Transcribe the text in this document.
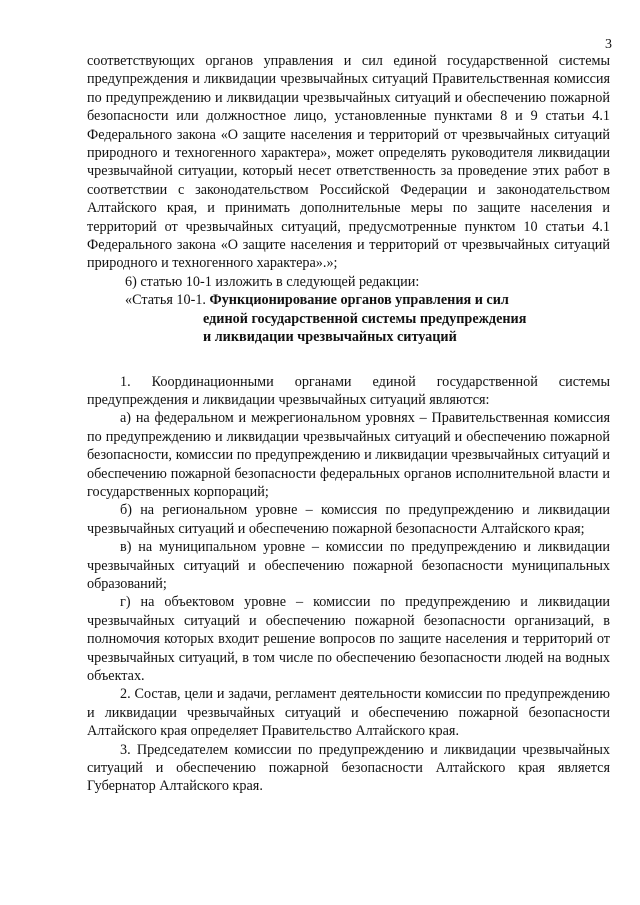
3

соответствующих органов управления и сил единой государственной системы предупреждения и ликвидации чрезвычайных ситуаций Правительственная комиссия по предупреждению и ликвидации чрезвычайных ситуаций и обеспечению пожарной безопасности или должностное лицо, установленные пунктами 8 и 9 статьи 4.1 Федерального закона «О защите населения и территорий от чрезвычайных ситуаций природного и техногенного характера», может определять руководителя ликвидации чрезвычайной ситуации, который несет ответственность за проведение этих работ в соответствии с законодательством Российской Федерации и законодательством Алтайского края, и принимать дополнительные меры по защите населения и территорий от чрезвычайных ситуаций, предусмотренные пунктом 10 статьи 4.1 Федерального закона «О защите населения и территорий от чрезвычайных ситуаций природного и техногенного характера».»;

6) статью 10-1 изложить в следующей редакции:

«Статья 10-1. Функционирование органов управления и сил

единой государственной системы предупреждения

и ликвидации чрезвычайных ситуаций

1. Координационными органами единой государственной системы предупреждения и ликвидации чрезвычайных ситуаций являются:

а) на федеральном и межрегиональном уровнях – Правительственная комиссия по предупреждению и ликвидации чрезвычайных ситуаций и обеспечению пожарной безопасности, комиссии по предупреждению и ликвидации чрезвычайных ситуаций и обеспечению пожарной безопасности федеральных органов исполнительной власти и государственных корпораций;

б) на региональном уровне – комиссия по предупреждению и ликвидации чрезвычайных ситуаций и обеспечению пожарной безопасности Алтайского края;

в) на муниципальном уровне – комиссии по предупреждению и ликвидации чрезвычайных ситуаций и обеспечению пожарной безопасности муниципальных образований;

г) на объектовом уровне – комиссии по предупреждению и ликвидации чрезвычайных ситуаций и обеспечению пожарной безопасности организаций, в полномочия которых входит решение вопросов по защите населения и территорий от чрезвычайных ситуаций, в том числе по обеспечению безопасности людей на водных объектах.

2. Состав, цели и задачи, регламент деятельности комиссии по предупреждению и ликвидации чрезвычайных ситуаций и обеспечению пожарной безопасности Алтайского края определяет Правительство Алтайского края.

3. Председателем комиссии по предупреждению и ликвидации чрезвычайных ситуаций и обеспечению пожарной безопасности Алтайского края является Губернатор Алтайского края.
